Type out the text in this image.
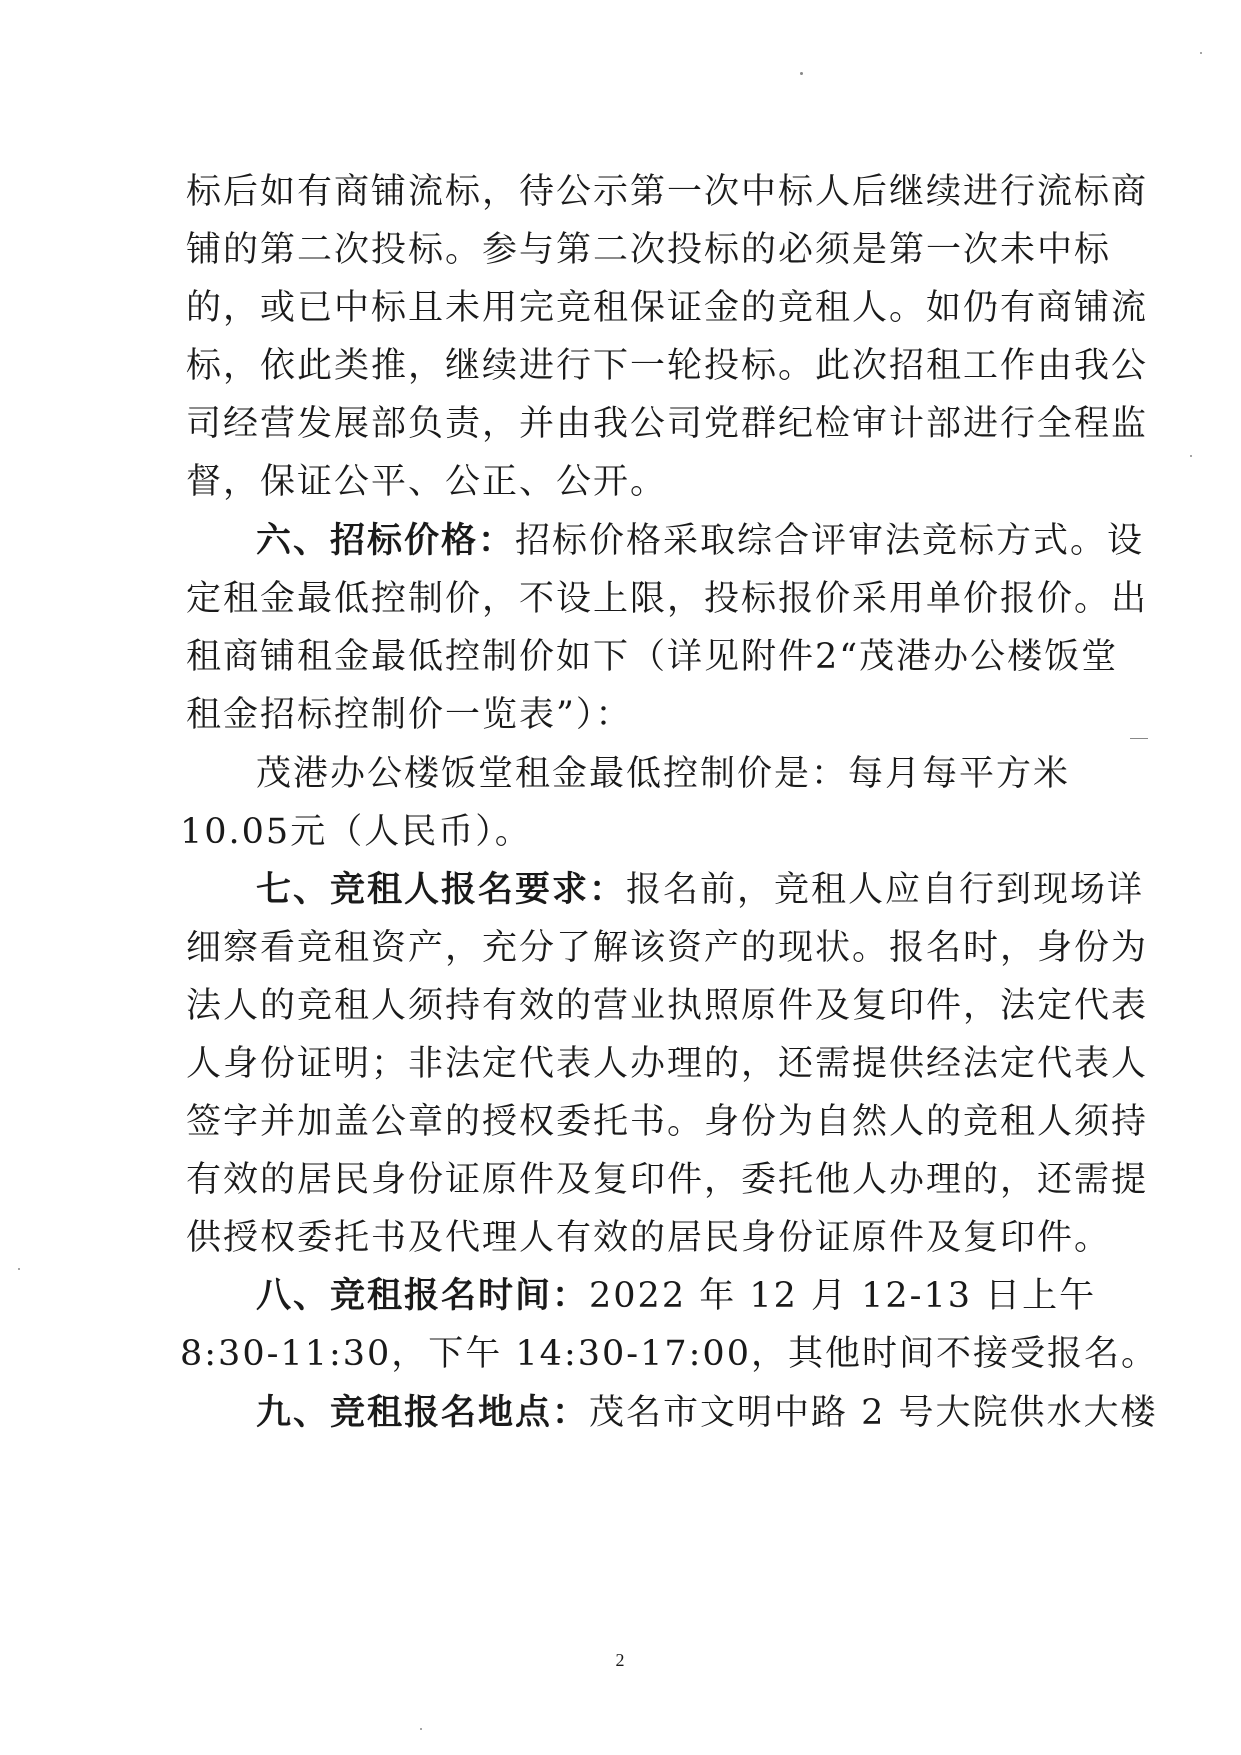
标后如有商铺流标，待公示第一次中标人后继续进行流标商
铺的第二次投标。参与第二次投标的必须是第一次未中标
的，或已中标且未用完竞租保证金的竞租人。如仍有商铺流
标，依此类推，继续进行下一轮投标。此次招租工作由我公
司经营发展部负责，并由我公司党群纪检审计部进行全程监
督，保证公平、公正、公开。
六、招标价格：招标价格采取综合评审法竞标方式。设
定租金最低控制价，不设上限，投标报价采用单价报价。出
租商铺租金最低控制价如下（详见附件2“茂港办公楼饭堂
租金招标控制价一览表”）：
茂港办公楼饭堂租金最低控制价是：每月每平方米
10.05元（人民币）。
七、竞租人报名要求：报名前，竞租人应自行到现场详
细察看竞租资产，充分了解该资产的现状。报名时，身份为
法人的竞租人须持有效的营业执照原件及复印件，法定代表
人身份证明；非法定代表人办理的，还需提供经法定代表人
签字并加盖公章的授权委托书。身份为自然人的竞租人须持
有效的居民身份证原件及复印件，委托他人办理的，还需提
供授权委托书及代理人有效的居民身份证原件及复印件。
八、竞租报名时间：2022 年 12 月 12-13 日上午
8:30-11:30，下午 14:30-17:00，其他时间不接受报名。
九、竞租报名地点：茂名市文明中路 2 号大院供水大楼
2
